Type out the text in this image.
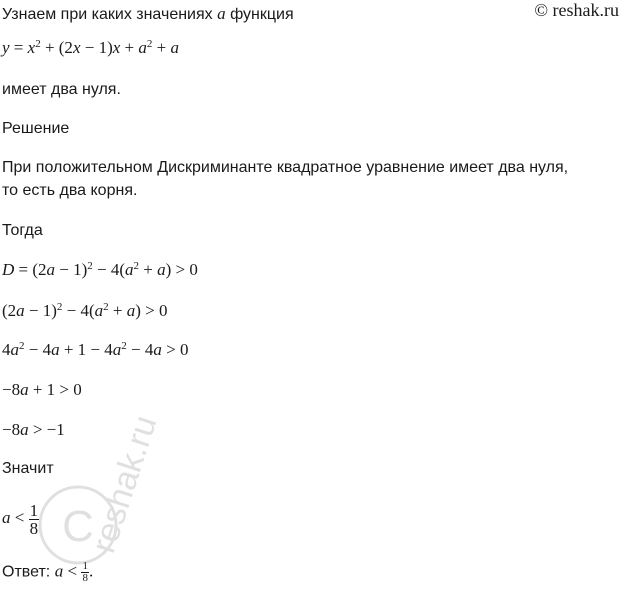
© reshak.ru
Узнаем при каких значениях a функция
$y = x^2 + (2x - 1)x + a^2 + a$
имеет два нуля.
Решение
При положительном Дискриминанте квадратное уравнение имеет два нуля,
то есть два корня.
Тогда
$D = (2a - 1)^2 - 4(a^2 + a) > 0$
$(2a - 1)^2 - 4(a^2 + a) > 0$
$4a^2 - 4a + 1 - 4a^2 - 4a > 0$
−8a + 1 > 0
−8a > −1
Значит
$a < \frac{1}{8}$
Ответ: $a < \frac{1}{8}$ .
C
reshak.ru
